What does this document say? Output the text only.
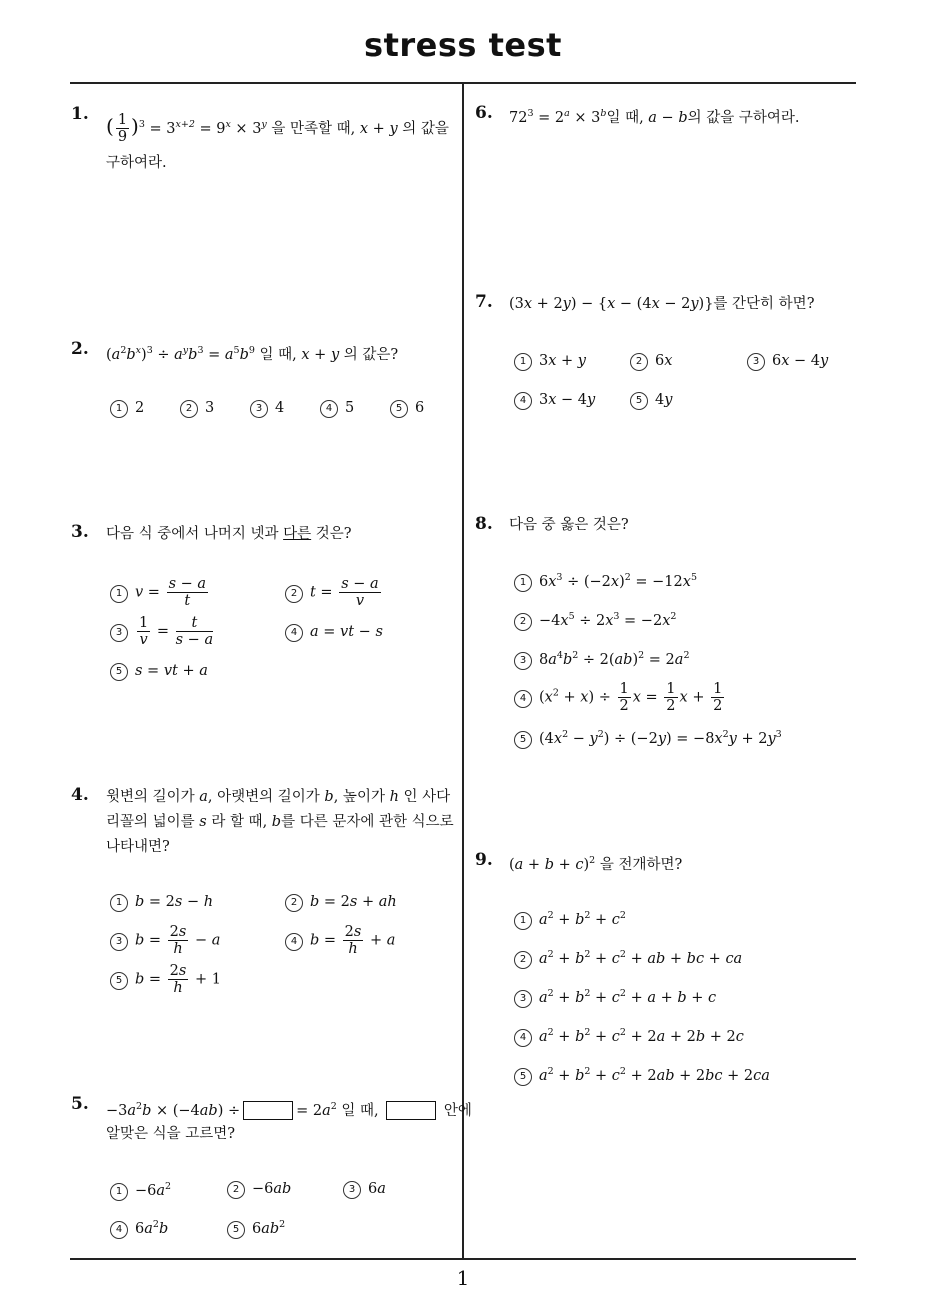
stress test
1
1. ( $\frac{1}{9} )^3 = 3^{x+2} = 9^x \times 3^y$ 을 만족할 때, x + y 의 값을
구하여라.
2. $(a^2b^x)^3 \div a^yb^3 = a^5b^9$ 일 때, x + y 의 값은?
1 2	2 3	3 4	4 5	5 6
3. 다음 식 중에서 나머지 넷과 다른 것은?
1 $v = \frac{s - a}{t}$	2 $t = \frac{s - a}{v}$
$3 \frac{1}{v} = \frac{t}{s - a}$	4 a = vt − s
5 s = vt + a
4. 윗변의 길이가 a, 아랫변의 길이가 b, 높이가 h 인 사다
리꼴의 넓이를 s 라 할 때, b를 다른 문자에 관한 식으로
나타내면?
1 b = 2s − h	2 b = 2s + ah
3 $b = \frac{2s}{h} - a$	4 $b = \frac{2s}{h} + a$
5 $b = \frac{2s}{h} + 1$
5. $-3a^2b \times (-4ab)$ ÷	= $2a^2$ 일 때,	안에
알맞은 식을 고르면?
$1 -6a^2$	2 −6ab	3 6a
4 $6a^2b$	5 $6ab^2$
6. $72^3 = 2^a \times 3^b$일 때, a − b의 값을 구하여라.
7. (3x + 2y) − {x − (4x − 2y)}를 간단히 하면?
1 3x + y	2 6x	3 6x − 4y
4 3x − 4y	5 4y
8. 다음 중 옳은 것은?
1 $6x^3 \div (-2x)^2 = -12x^5$
$2 -4x^5 \div 2x^3 = -2x^2$
3 $8a^4b^2 \div 2(ab)^2 = 2a^2$
4 $(x^2 + x) \div \frac{1}{2}$ $x = \frac{1}{2}$ $x + \frac{1}{2}$
5 $(4x^2 - y^2) \div (-2y) = -8x^2y + 2y^3$
9. $(a + b + c)^2$ 을 전개하면?
1 $a^2 + b^2 + c^2$
2 $a^2 + b^2 + c^2$ + ab + bc + ca
3 $a^2 + b^2 + c^2 + a + b + c$
4 $a^2 + b^2 + c^2 + 2a + 2b + 2c$
5 $a^2 + b^2 + c^2 + 2ab + 2bc + 2ca$
